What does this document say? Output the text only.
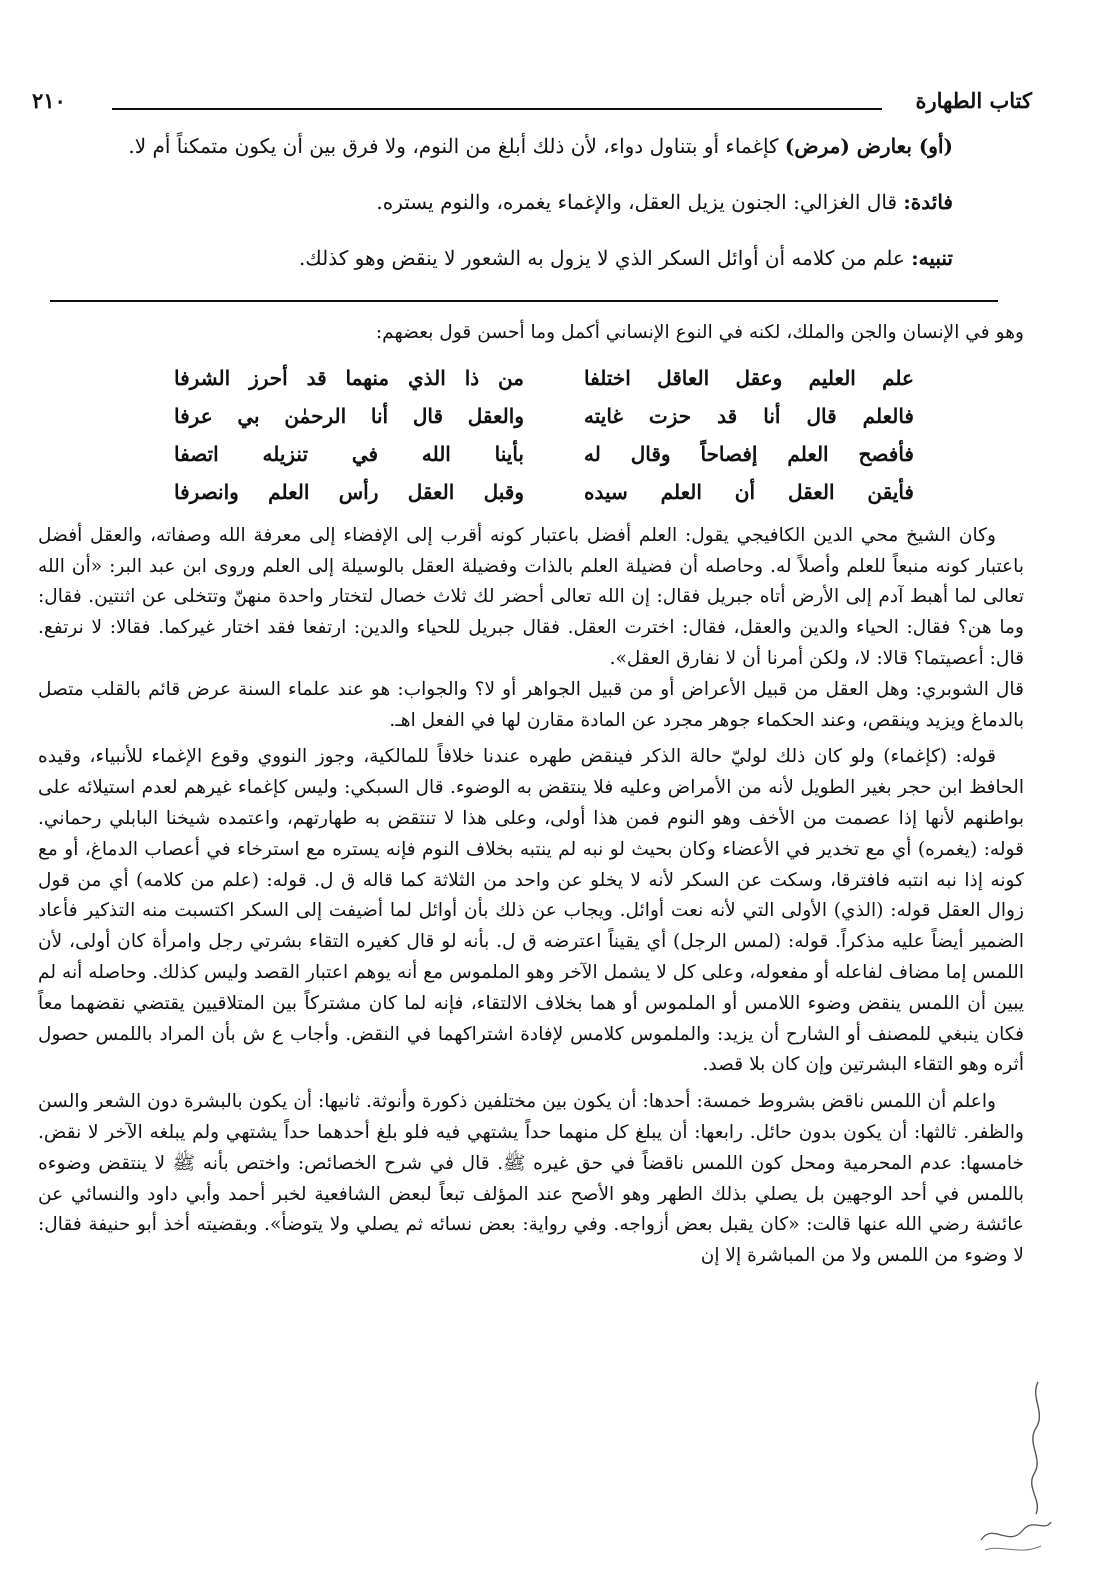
كتاب الطهارة
٢١٠

(أو) بعارض (مرض) كإغماء أو بتناول دواء، لأن ذلك أبلغ من النوم، ولا فرق بين أن يكون متمكناً أم لا.

فائدة: قال الغزالي: الجنون يزيل العقل، والإغماء يغمره، والنوم يستره.

تنبيه: علم من كلامه أن أوائل السكر الذي لا يزول به الشعور لا ينقض وهو كذلك.

وهو في الإنسان والجن والملك، لكنه في النوع الإنساني أكمل وما أحسن قول بعضهم:

علم العليم وعقل العاقل اختلفا
من ذا الذي منهما قد أحرز الشرفا
فالعلم قال أنا قد حزت غايته
والعقل قال أنا الرحمٰن بي عرفا
فأفصح العلم إفصاحاً وقال له
بأينا الله في تنزيله اتصفا
فأيقن العقل أن العلم سيده
وقبل العقل رأس العلم وانصرفا

وكان الشيخ محي الدين الكافيجي يقول: العلم أفضل باعتبار كونه أقرب إلى الإفضاء إلى معرفة الله وصفاته، والعقل أفضل باعتبار كونه منبعاً للعلم وأصلاً له. وحاصله أن فضيلة العلم بالذات وفضيلة العقل بالوسيلة إلى العلم وروى ابن عبد البر: «أن الله تعالى لما أهبط آدم إلى الأرض أتاه جبريل فقال: إن الله تعالى أحضر لك ثلاث خصال لتختار واحدة منهنّ وتتخلى عن اثنتين. فقال: وما هن؟ فقال: الحياء والدين والعقل، فقال: اخترت العقل. فقال جبريل للحياء والدين: ارتفعا فقد اختار غيركما. فقالا: لا نرتفع. قال: أعصيتما؟ قالا: لا، ولكن أمرنا أن لا نفارق العقل».

قال الشوبري: وهل العقل من قبيل الأعراض أو من قبيل الجواهر أو لا؟ والجواب: هو عند علماء السنة عرض قائم بالقلب متصل بالدماغ ويزيد وينقص، وعند الحكماء جوهر مجرد عن المادة مقارن لها في الفعل اهـ.

قوله: (كإغماء) ولو كان ذلك لوليّ حالة الذكر فينقض طهره عندنا خلافاً للمالكية، وجوز النووي وقوع الإغماء للأنبياء، وقيده الحافظ ابن حجر بغير الطويل لأنه من الأمراض وعليه فلا ينتقض به الوضوء. قال السبكي: وليس كإغماء غيرهم لعدم استيلائه على بواطنهم لأنها إذا عصمت من الأخف وهو النوم فمن هذا أولى، وعلى هذا لا تنتقض به طهارتهم، واعتمده شيخنا البابلي رحماني. قوله: (يغمره) أي مع تخدير في الأعضاء وكان بحيث لو نبه لم ينتبه بخلاف النوم فإنه يستره مع استرخاء في أعصاب الدماغ، أو مع كونه إذا نبه انتبه فافترقا، وسكت عن السكر لأنه لا يخلو عن واحد من الثلاثة كما قاله ق ل. قوله: (علم من كلامه) أي من قول زوال العقل قوله: (الذي) الأولى التي لأنه نعت أوائل. ويجاب عن ذلك بأن أوائل لما أضيفت إلى السكر اكتسبت منه التذكير فأعاد الضمير أيضاً عليه مذكراً. قوله: (لمس الرجل) أي يقيناً اعترضه ق ل. بأنه لو قال كغيره التقاء بشرتي رجل وامرأة كان أولى، لأن اللمس إما مضاف لفاعله أو مفعوله، وعلى كل لا يشمل الآخر وهو الملموس مع أنه يوهم اعتبار القصد وليس كذلك. وحاصله أنه لم يبين أن اللمس ينقض وضوء اللامس أو الملموس أو هما بخلاف الالتقاء، فإنه لما كان مشتركاً بين المتلاقيين يقتضي نقضهما معاً فكان ينبغي للمصنف أو الشارح أن يزيد: والملموس كلامس لإفادة اشتراكهما في النقض. وأجاب ع ش بأن المراد باللمس حصول أثره وهو التقاء البشرتين وإن كان بلا قصد.

واعلم أن اللمس ناقض بشروط خمسة: أحدها: أن يكون بين مختلفين ذكورة وأنوثة. ثانيها: أن يكون بالبشرة دون الشعر والسن والظفر. ثالثها: أن يكون بدون حائل. رابعها: أن يبلغ كل منهما حداً يشتهي فيه فلو بلغ أحدهما حداً يشتهي ولم يبلغه الآخر لا نقض. خامسها: عدم المحرمية ومحل كون اللمس ناقضاً في حق غيره ﷺ. قال في شرح الخصائص: واختص بأنه ﷺ لا ينتقض وضوءه باللمس في أحد الوجهين بل يصلي بذلك الطهر وهو الأصح عند المؤلف تبعاً لبعض الشافعية لخبر أحمد وأبي داود والنسائي عن عائشة رضي الله عنها قالت: «كان يقبل بعض أزواجه. وفي رواية: بعض نسائه ثم يصلي ولا يتوضأ». وبقضيته أخذ أبو حنيفة فقال: لا وضوء من اللمس ولا من المباشرة إلا إن
